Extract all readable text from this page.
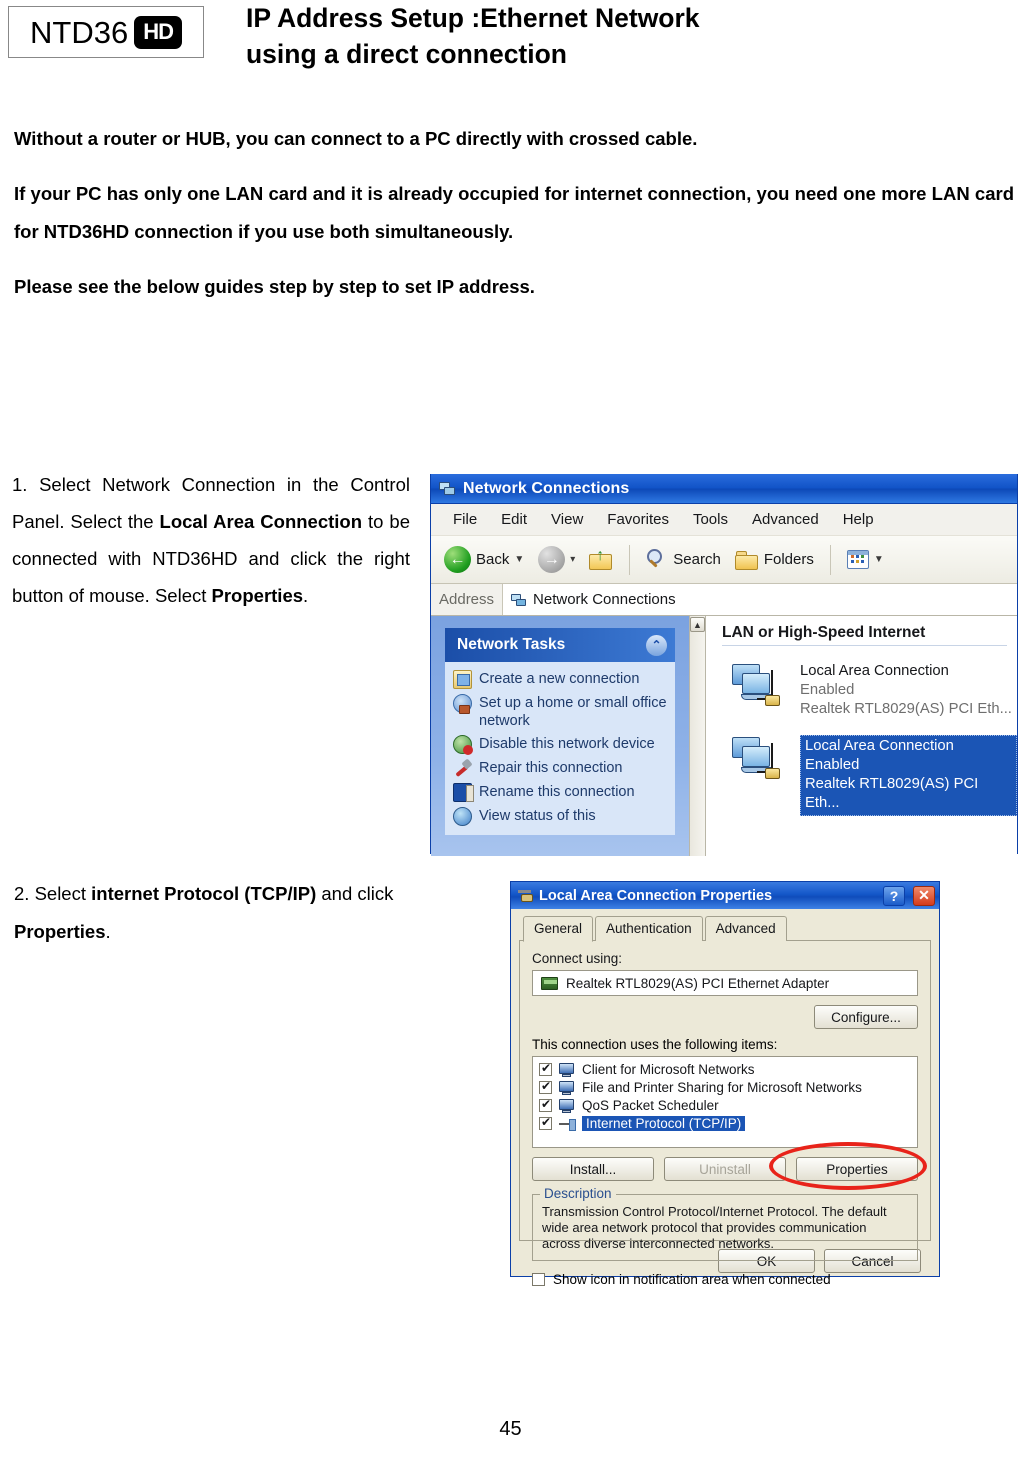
NTD36 HD	IP Address Setup :Ethernet Network
using a direct connection

Without a router or HUB, you can connect to a PC directly with crossed cable.

If your PC has only one LAN card and it is already occupied for internet connection, you need one more LAN card for NTD36HD connection if you use both simultaneously.

Please see the below guides step by step to set IP address.

1. Select Network Connection in the Control Panel. Select the Local Area Connection to be connected with NTD36HD and click the right button of mouse. Select Properties.
2. Select internet Protocol (TCP/IP) and click Properties.
Network Connections
File	Edit	View	Favorites	Tools	Advanced	Help
← Back ▼	→	▾ ↑	Search	Folders	▼
Address	Network Connections
Network Tasks	⌃
Create a new connection
Set up a home or small office network
Disable this network device
Repair this connection
Rename this connection
View status of this
▲	LAN or High-Speed Internet
Local Area Connection
Enabled
Realtek RTL8029(AS) PCI Eth...
Local Area Connection
Enabled
Realtek RTL8029(AS) PCI Eth...
Local Area Connection Properties	?	✕
General	Authentication	Advanced
Connect using:
Realtek RTL8029(AS) PCI Ethernet Adapter
Configure...
This connection uses the following items:
✔
Client for Microsoft Networks
✔
File and Printer Sharing for Microsoft Networks
✔
QoS Packet Scheduler
✔
Internet Protocol (TCP/IP)
Install...	Uninstall	Properties
Description
Transmission Control Protocol/Internet Protocol. The default wide area network protocol that provides communication across diverse interconnected networks.
Show icon in notification area when connected
OK	Cancel
45
